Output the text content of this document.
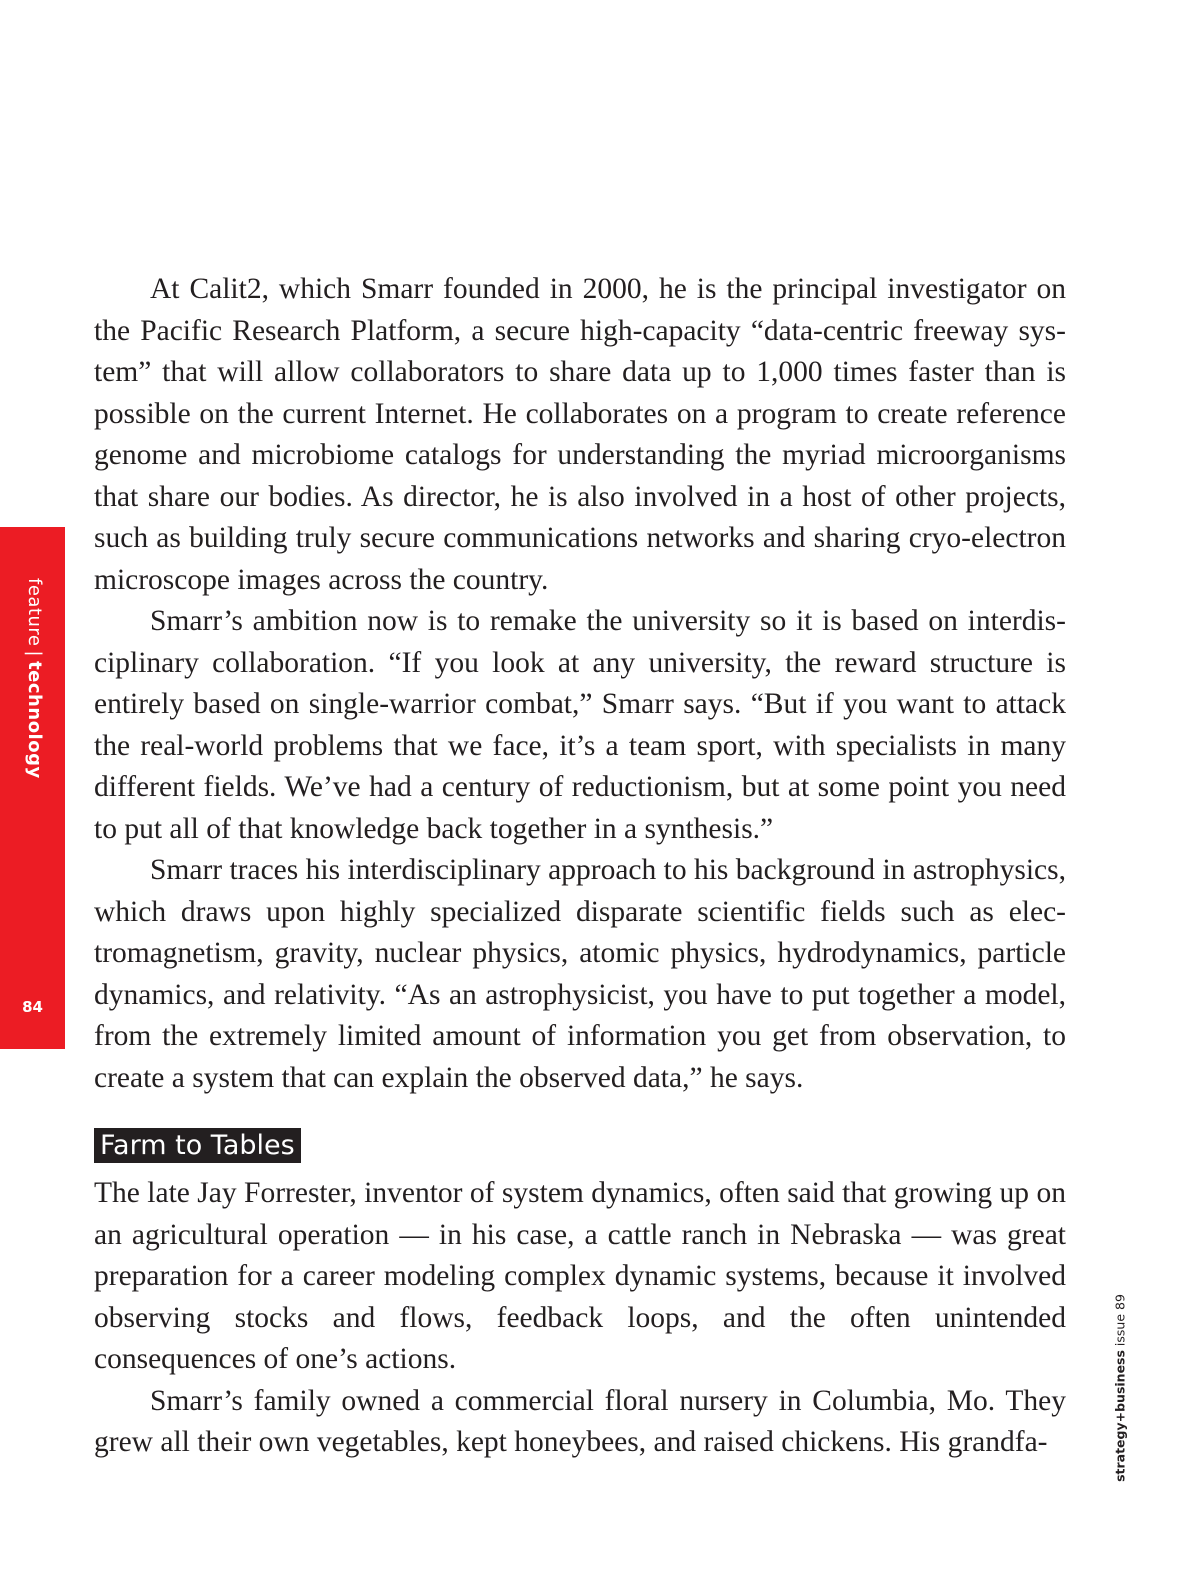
feature|technology
84

At Calit2, which Smarr founded in 2000, he is the principal investigator on the Pacific Research Platform, a secure high-capacity “data-centric freeway system” that will allow collaborators to share data up to 1,000 times faster than is possible on the current Internet. He collaborates on a program to create reference genome and microbiome catalogs for understanding the myriad microorganisms that share our bodies. As director, he is also involved in a host of other projects, such as building truly secure communications networks and sharing cryo-electron microscope images across the country.

Smarr’s ambition now is to remake the university so it is based on interdisciplinary collaboration. “If you look at any university, the reward structure is entirely based on single-warrior combat,” Smarr says. “But if you want to attack the real-world problems that we face, it’s a team sport, with specialists in many different fields. We’ve had a century of reductionism, but at some point you need to put all of that knowledge back together in a synthesis.”

Smarr traces his interdisciplinary approach to his background in astrophysics, which draws upon highly specialized disparate scientific fields such as electromagnetism, gravity, nuclear physics, atomic physics, hydrodynamics, particle dynamics, and relativity. “As an astrophysicist, you have to put together a model, from the extremely limited amount of information you get from observation, to create a system that can explain the observed data,” he says.

Farm to Tables

The late Jay Forrester, inventor of system dynamics, often said that growing up on an agricultural operation — in his case, a cattle ranch in Nebraska — was great preparation for a career modeling complex dynamic systems, because it involved observing stocks and flows, feedback loops, and the often unintended consequences of one’s actions.

Smarr’s family owned a commercial floral nursery in Columbia, Mo. They grew all their own vegetables, kept honeybees, and raised chickens. His grandfa-	strategy+business issue 89
